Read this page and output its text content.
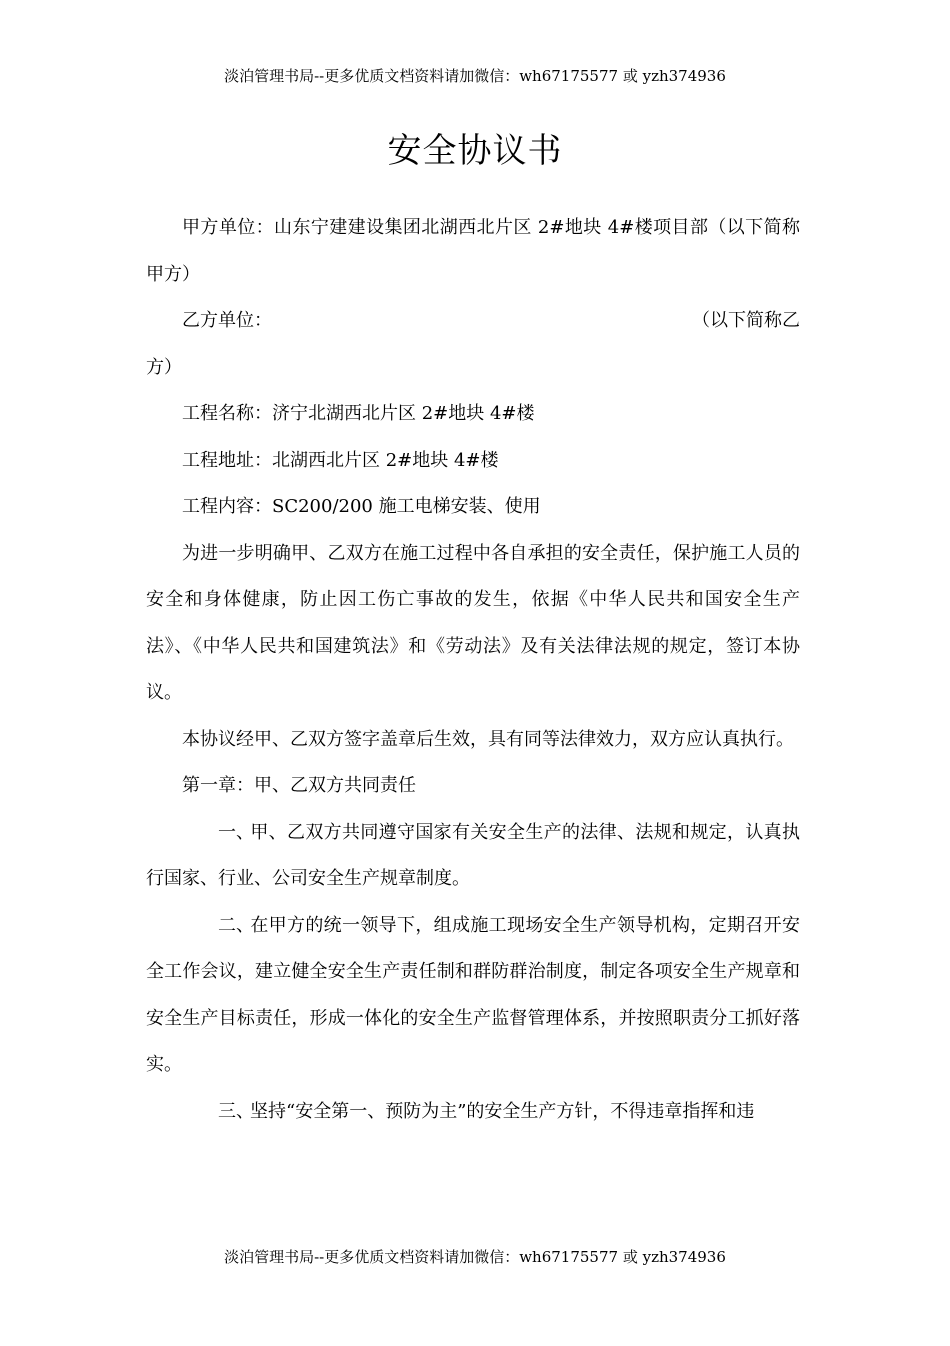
淡泊管理书局--更多优质文档资料请加微信：wh67175577 或 yzh374936
安全协议书

甲方单位：山东宁建建设集团北湖西北片区 2#地块 4#楼项目部（以下简称甲方）

乙方单位：	（以下简称乙
方）

工程名称：济宁北湖西北片区 2#地块 4#楼

工程地址：北湖西北片区 2#地块 4#楼

工程内容：SC200/200 施工电梯安装、使用

为进一步明确甲、乙双方在施工过程中各自承担的安全责任，保护施工人员的安全和身体健康，防止因工伤亡事故的发生，依据《中华人民共和国安全生产法》、《中华人民共和国建筑法》和《劳动法》及有关法律法规的规定，签订本协议。

本协议经甲、乙双方签字盖章后生效，具有同等法律效力，双方应认真执行。

第一章：甲、乙双方共同责任

一、甲、乙双方共同遵守国家有关安全生产的法律、法规和规定，认真执行国家、行业、公司安全生产规章制度。

二、在甲方的统一领导下，组成施工现场安全生产领导机构，定期召开安全工作会议，建立健全安全生产责任制和群防群治制度，制定各项安全生产规章和安全生产目标责任，形成一体化的安全生产监督管理体系，并按照职责分工抓好落实。

三、坚持“安全第一、预防为主”的安全生产方针，不得违章指挥和违

淡泊管理书局--更多优质文档资料请加微信：wh67175577 或 yzh374936
